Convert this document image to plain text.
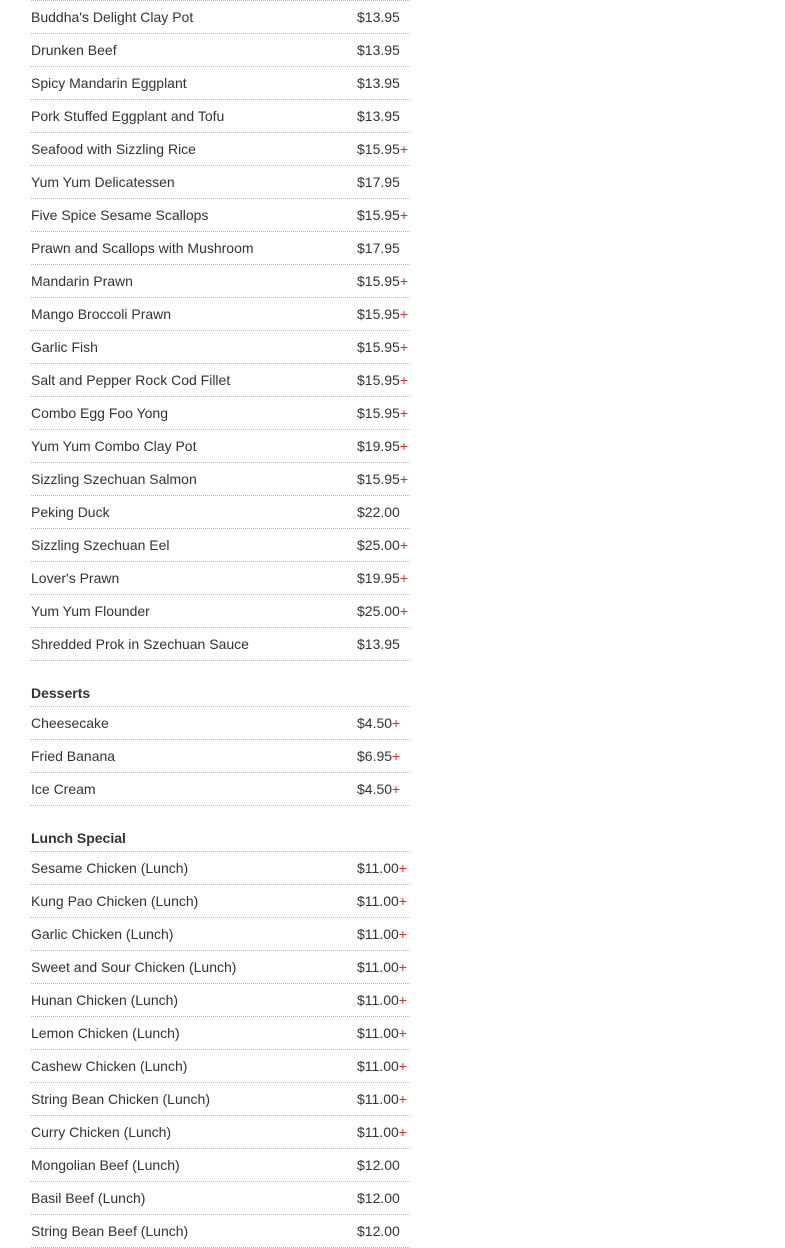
Buddha's Delight Clay Pot	$13.95
Drunken Beef	$13.95
Spicy Mandarin Eggplant	$13.95
Pork Stuffed Eggplant and Tofu	$13.95
Seafood with Sizzling Rice	$15.95+
Yum Yum Delicatessen	$17.95
Five Spice Sesame Scallops	$15.95+
Prawn and Scallops with Mushroom	$17.95
Mandarin Prawn	$15.95+
Mango Broccoli Prawn	$15.95+
Garlic Fish	$15.95+
Salt and Pepper Rock Cod Fillet	$15.95+
Combo Egg Foo Yong	$15.95+
Yum Yum Combo Clay Pot	$19.95+
Sizzling Szechuan Salmon	$15.95+
Peking Duck	$22.00
Sizzling Szechuan Eel	$25.00+
Lover's Prawn	$19.95+
Yum Yum Flounder	$25.00+
Shredded Prok in Szechuan Sauce	$13.95
Desserts
Cheesecake	$4.50+
Fried Banana	$6.95+
Ice Cream	$4.50+
Lunch Special
Sesame Chicken (Lunch)	$11.00+
Kung Pao Chicken (Lunch)	$11.00+
Garlic Chicken (Lunch)	$11.00+
Sweet and Sour Chicken (Lunch)	$11.00+
Hunan Chicken (Lunch)	$11.00+
Lemon Chicken (Lunch)	$11.00+
Cashew Chicken (Lunch)	$11.00+
String Bean Chicken (Lunch)	$11.00+
Curry Chicken (Lunch)	$11.00+
Mongolian Beef (Lunch)	$12.00
Basil Beef (Lunch)	$12.00
String Bean Beef (Lunch)	$12.00
